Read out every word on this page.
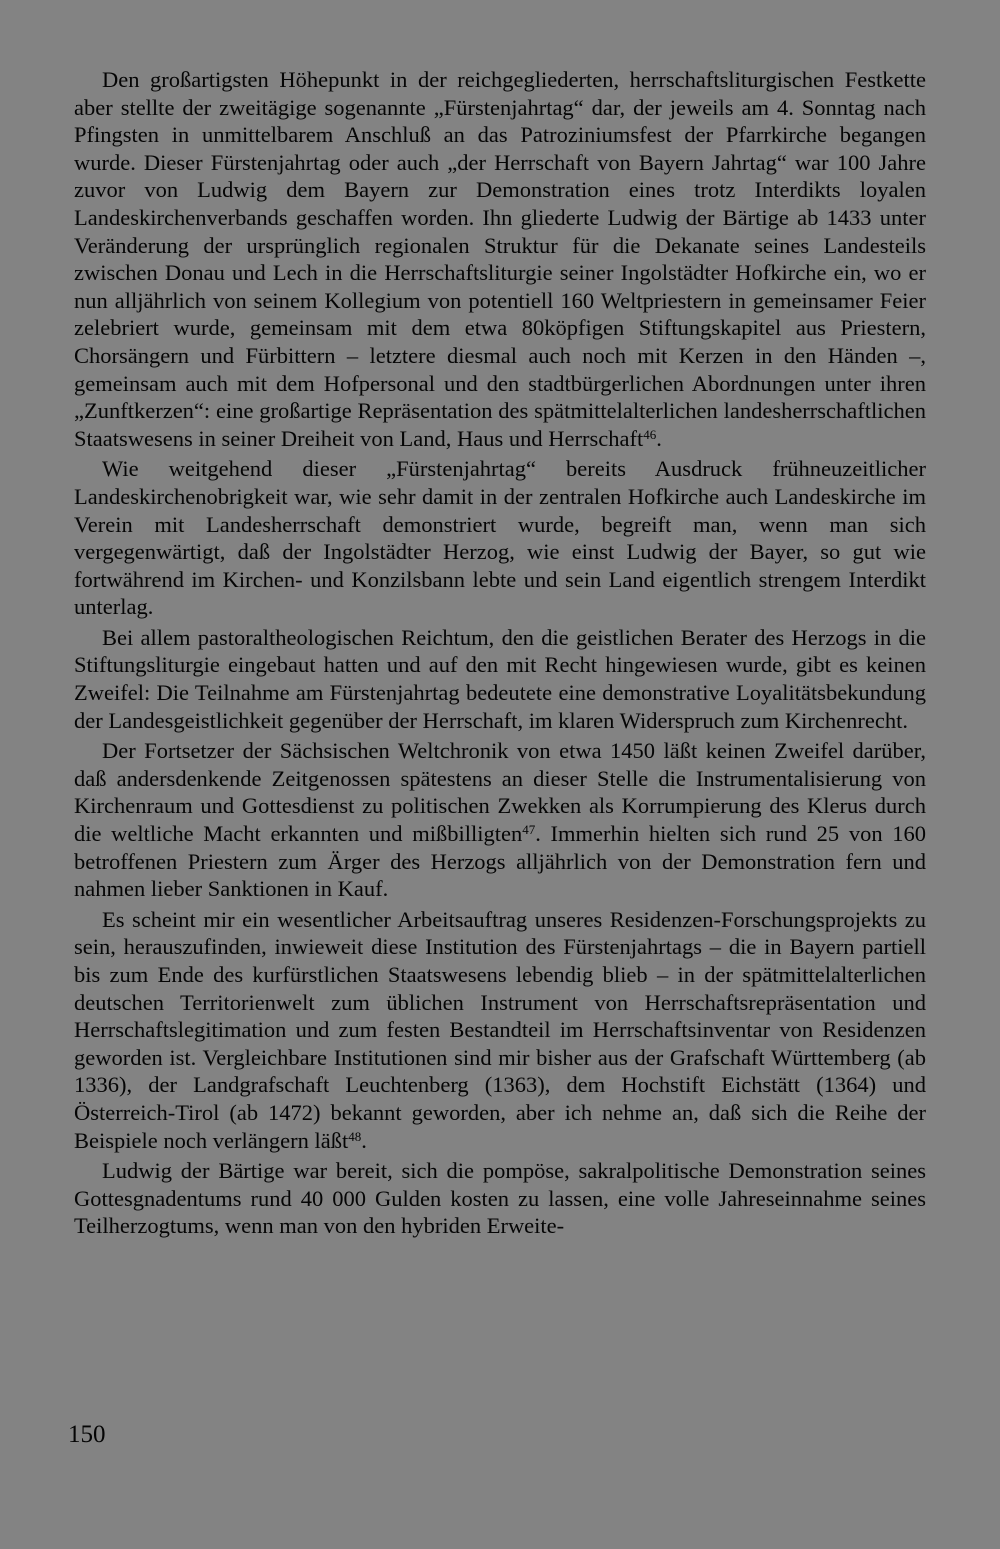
Den großartigsten Höhepunkt in der reichgegliederten, herrschaftsliturgischen Festkette aber stellte der zweitägige sogenannte „Fürstenjahrtag“ dar, der jeweils am 4. Sonntag nach Pfingsten in unmittelbarem Anschluß an das Patroziniumsfest der Pfarrkirche begangen wurde. Dieser Fürstenjahrtag oder auch „der Herrschaft von Bayern Jahrtag“ war 100 Jahre zuvor von Ludwig dem Bayern zur Demonstration eines trotz Interdikts loyalen Landeskirchenverbands geschaffen worden. Ihn gliederte Ludwig der Bärtige ab 1433 unter Veränderung der ursprünglich regionalen Struktur für die Dekanate seines Landesteils zwischen Donau und Lech in die Herrschaftsliturgie seiner Ingolstädter Hofkirche ein, wo er nun alljährlich von seinem Kollegium von potentiell 160 Weltpriestern in gemeinsamer Feier zelebriert wurde, gemeinsam mit dem etwa 80köpfigen Stiftungskapitel aus Priestern, Chorsängern und Fürbittern – letztere diesmal auch noch mit Kerzen in den Händen –, gemeinsam auch mit dem Hofpersonal und den stadtbürgerlichen Abordnungen unter ihren „Zunftkerzen“: eine großartige Repräsentation des spätmittelalterlichen landesherrschaftlichen Staatswesens in seiner Dreiheit von Land, Haus und Herrschaft$^{46}$.

Wie weitgehend dieser „Fürstenjahrtag“ bereits Ausdruck frühneuzeitlicher Landeskirchenobrigkeit war, wie sehr damit in der zentralen Hofkirche auch Landeskirche im Verein mit Landesherrschaft demonstriert wurde, begreift man, wenn man sich vergegenwärtigt, daß der Ingolstädter Herzog, wie einst Ludwig der Bayer, so gut wie fortwährend im Kirchen- und Konzilsbann lebte und sein Land eigentlich strengem Interdikt unterlag.

Bei allem pastoraltheologischen Reichtum, den die geistlichen Berater des Herzogs in die Stiftungsliturgie eingebaut hatten und auf den mit Recht hingewiesen wurde, gibt es keinen Zweifel: Die Teilnahme am Fürstenjahrtag bedeutete eine demonstrative Loyalitätsbekundung der Landesgeistlichkeit gegenüber der Herrschaft, im klaren Widerspruch zum Kirchenrecht.

Der Fortsetzer der Sächsischen Weltchronik von etwa 1450 läßt keinen Zweifel darüber, daß andersdenkende Zeitgenossen spätestens an dieser Stelle die Instrumentalisierung von Kirchenraum und Gottesdienst zu politischen Zwekken als Korrumpierung des Klerus durch die weltliche Macht erkannten und mißbilligten$^{47}$. Immerhin hielten sich rund 25 von 160 betroffenen Priestern zum Ärger des Herzogs alljährlich von der Demonstration fern und nahmen lieber Sanktionen in Kauf.

Es scheint mir ein wesentlicher Arbeitsauftrag unseres Residenzen-Forschungsprojekts zu sein, herauszufinden, inwieweit diese Institution des Fürstenjahrtags – die in Bayern partiell bis zum Ende des kurfürstlichen Staatswesens lebendig blieb – in der spätmittelalterlichen deutschen Territorienwelt zum üblichen Instrument von Herrschaftsrepräsentation und Herrschaftslegitimation und zum festen Bestandteil im Herrschaftsinventar von Residenzen geworden ist. Vergleichbare Institutionen sind mir bisher aus der Grafschaft Württemberg (ab 1336), der Landgrafschaft Leuchtenberg (1363), dem Hochstift Eichstätt (1364) und Österreich-Tirol (ab 1472) bekannt geworden, aber ich nehme an, daß sich die Reihe der Beispiele noch verlängern läßt$^{48}$.

Ludwig der Bärtige war bereit, sich die pompöse, sakralpolitische Demonstration seines Gottesgnadentums rund 40 000 Gulden kosten zu lassen, eine volle Jahreseinnahme seines Teilherzogtums, wenn man von den hybriden Erweite-

150
